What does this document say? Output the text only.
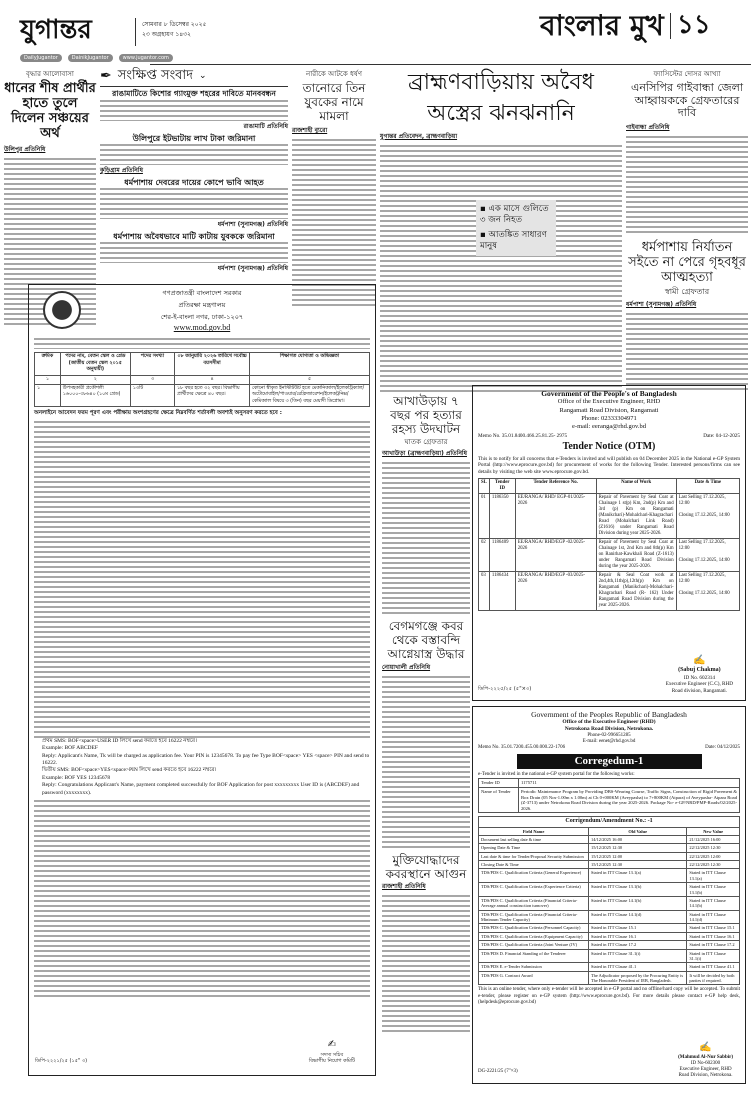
যুগান্তর	সোমবার ৮ ডিসেম্বর ২০২৫
২৩ অগ্রহায়ণ ১৪৩২
DailyJugantor	DainikJugantor	www.jugantor.com
বাংলার মুখ ১১
বৃদ্ধার আলোবাসা
ধানের শীষ প্রার্থীর হাতে তুলে দিলেন সঞ্চয়ের অর্থ
উলিপুর প্রতিনিধি
✒ সংক্ষিপ্ত সংবাদ ⌄
রাঙামাটিতে কিশোর গ্যাংমুক্ত শহরের দাবিতে মানববন্ধন
রাঙামাটি প্রতিনিধি
উলিপুরে ইটভাটায় লাখ টাকা জরিমানা
কুড়িগ্রাম প্রতিনিধি
ধর্মপাশায় দেবরের দায়ের কোপে ভাবি আহত
ধর্মপাশা (সুনামগঞ্জ) প্রতিনিধি
ধর্মপাশায় অবৈধভাবে মাটি কাটায় যুবককে জরিমানা
ধর্মপাশা (সুনামগঞ্জ) প্রতিনিধি
নারীকে আটকে ধর্ষণ
তানোরে তিন যুবকের নামে মামলা
রাজশাহী ব্যুরো
ব্রাহ্মণবাড়িয়ায় অবৈধ
অস্ত্রের ঝনঝনানি
যুগান্তর প্রতিবেদন, ব্রাহ্মণবাড়িয়া
▪ এক মাসে গুলিতে ৩ জন নিহত
▪ আতঙ্কিত সাধারণ মানুষ
ফ্যাসিস্টের দোসর আখ্যা
এনসিপির গাইবান্ধা জেলা আহ্বায়ককে গ্রেফতারের দাবি
গাইবান্ধা প্রতিনিধি
ধর্মপাশায় নির্যাতন সইতে না পেরে গৃহবধূর আত্মহত্যা
স্বামী গ্রেফতার
ধর্মপাশা (সুনামগঞ্জ) প্রতিনিধি
আখাউড়ায় ৭ বছর পর হত্যার রহস্য উদঘাটন
ঘাতক গ্রেফতার
আখাউড়া (ব্রাহ্মণবাড়িয়া) প্রতিনিধি
বেগমগঞ্জে কবর থেকে বস্তাবন্দি আগ্নেয়াস্ত্র উদ্ধার
নোয়াখালী প্রতিনিধি
মুক্তিযোদ্ধাদের কবরস্থানে আগুন
রাজশাহী প্রতিনিধি
গণপ্রজাতন্ত্রী বাংলাদেশ সরকার
প্রতিরক্ষা মন্ত্রণালয়
শের-ই-বাংলা নগর, ঢাকা-১২০৭
www.mod.gov.bd
ক্রমিক	পদের নাম, বেতন স্কেল ও গ্রেড (জাতীয় বেতন স্কেল ২০১৫ অনুযায়ী)	পদের সংখ্যা	০৮ জানুয়ারি ২০২৬ তারিখে সর্বোচ্চ বয়সসীমা	শিক্ষাগত যোগ্যতা ও অভিজ্ঞতা
১	২	৩	৪	৫
১	উপসহকারী প্রকৌশলী ১৬০০০-৩৮৬৪০ (১০ম গ্রেড)	১৩টি	১৮ বছর হতে ৩২ বছর। বিভাগীয় প্রার্থীদের ক্ষেত্রে ৪০ বছর।	কোনো স্বীকৃত ইনস্টিটিউট হতে মেকানিক্যাল/ইলেকট্রিক্যাল/অটোমোবাইল/পাওয়ার/রেফ্রিজারেশন/ইলেকট্রনিক্স/কেমিক্যাল বিষয়ে ৩ (তিন) বছর মেয়াদী ডিপ্লোমা।
অনলাইনে আবেদন ফরম পূরণ এবং পরীক্ষায় অংশগ্রহণের ক্ষেত্রে নিম্নবর্ণিত শর্তাবলী অবশ্যই অনুসরণ করতে হবে :
প্রথম SMS: BOF<space>USER ID লিখে send করতে হবে 16222 নম্বরে।
Example: BOF ABCDEF
Reply: Applicant's Name, Tk will be charged as application fee. Your PIN is 12345678. To pay fee Type BOF<space> YES <space> PIN and send to 16222.
দ্বিতীয় SMS: BOF<space>YES<space>PIN লিখে send করতে হবে 16222 নম্বরে।
Example: BOF YES 12345678
Reply: Congratulations Applicant's Name, payment completed successfully for BOF Application for post xxxxxxxxx User ID is (ABCDEF) and password (xxxxxxxx).
✍
সদস্য সচিব
বিভাগীয় নিয়োগ কমিটি
ডিপি-২২২১/২৫ (১৫" ৩)
Government of the People's of Bangladesh
Office of the Executive Engineer, RHD
Rangamati Road Division, Rangamati
Phone: 02333304971
e-mail: eeranga@rhd.gov.bd
Memo No. 35.01.8400.466.25.81.25- 2975	Date: 04-12-2025
Tender Notice (OTM)
This is to notify for all concerns that e-Tenders is invited and will publish on 04 December 2025 in the National e-GP System Portal (http://www.eprocure.gov.bd) for procurement of works for the following Tender. Interested persons/firms can see details by visiting the web site www.eprocure.gov.bd.
SL	Tender ID	Tender Reference No.	Name of Work	Date & Time
01	1186350	EE/RANGA/ RHD/ EGP-01/2025-2026	Repair of Pavement by Seal Coat at Chainage 1 st(p) Km, 2nd(p) Km and 3rd (p) Km on Rangamati (Manikchari)-Mohalchari-Khagrachari Road (Mohalchari Link Road) (Z1616) under Rangamati Road Division during year 2025-2026.	Last Selling 17.12.2025, 12:00

Closing 17.12.2025, 14:00

02	1186409	EE/RANGA/ RHD/EGP -02/2025-2026	Repair of Pavement by Seal Coat at Chainage 1st, 2nd Km and 8th(p) Km on Ranirhat-Kawkhali Road (Z-1613) under Rangamati Road Division during the year 2025-2026.	Last Selling 17.12.2025, 12:00

Closing 17.12.2025, 14:00

03	1186434	EE/RANGA/ RHD/EGP -03/2025-2026	Repair & Seal Coat work at 2nd,4th,11th(p),12th(p) Km on Rangamati (Manikchari)-Mohalchari-Khagrachari Road (R- 162) Under Rangamati Road Division during the year 2025-2026.	Last Selling 17.12.2025, 12:00

Closing 17.12.2025, 14:00
✍
(Sabuj Chakma)
ID No. 602314
Executive Engineer (C.C), RHD
Road division, Rangamati.
ডিপি-২২২৫/২৫ (৫"×৩)
Government of the Peoples Republic of Bangladesh
Office of the Executive Engineer (RHD)
Netrokona Road Division, Netrokona.
Phone-02-996651285
E-mail: eenet@rhd.gov.bd
Memo No. 35.01.7200.455.00.000.22-1706	Date: 04/12/2025
Corregedum-1
e-Tender is invited in the national e-GP system portal for the following works:
Tender ID	1175711
Name of Tender	Periodic Maintenance Program by Providing DBS-Wearing Course, Traffic Signs, Construction of Rigid Pavement & Box Drain (05 Nos-1.00m x 1.00m) at Ch 0+000KM (Aveypasha) to 7+800KM (Atpara) of Aveypasha- Atpara Road (Z-3713) under Netrokona Road Division during the year 2025-2026. Package No- e-GP/NRD/PMP-Roads/02/2025-2026.
Corrigendum/Amendment No.: -1		
Field Name	Old Value	New Value
Document last selling date & time	14/12/2025 16:00	21/12/2025 16:00
Opening Date & Time	15/12/2025 12:30	22/12/2025 12:30
Last date & time for Tender/Proposal Security Submission	15/12/2025 12:00	22/12/2025 12:00
Closing Date & Time	15/12/2025 12:30	22/12/2025 12:30
TDS/PDS C. Qualification Criteria (General Experience)	Stated in ITT Clause 13.1(a)	Stated in ITT Clause 13.1(a)
TDS/PDS C. Qualification Criteria (Experience Criteria)	Stated in ITT Clause 13.1(b)	Stated in ITT Clause 13.1(b)
TDS/PDS C. Qualification Criteria (Financial Criteria-Average annual construction turnover)	Stated in ITT Clause 14.1(b)	Stated in ITT Clause 14.1(b)
TDS/PDS C. Qualification Criteria (Financial Criteria-Minimum Tender Capacity)	Stated in ITT Clause 14.1(d)	Stated in ITT Clause 14.1(d)
TDS/PDS C. Qualification Criteria (Personnel Capacity)	Stated in ITT Clause 15.1	Stated in ITT Clause 15.1
TDS/PDS C. Qualification Criteria (Equipment Capacity)	Stated in ITT Clause 16.1	Stated in ITT Clause 16.1
TDS/PDS C. Qualification Criteria (Joint Venture (JV)	Stated in ITT Clause 17.2	Stated in ITT Clause 17.2
TDS/PDS D. Financial Standing of the Tenderer	Stated in ITT Clause 31.1(i)	Stated in ITT Clause 31.1(i)
TDS/PDS E. e-Tender Submission	Stated in ITT Clause 41.1	Stated in ITT Clause 41.1
TDS/PDS G. Contract Award	The Adjudicator proposed by the Procuring Entity is The Honorable President of IEB, Bangladesh.	It will be decided by both parties if required.
This is an online tender, where only e-tender will be accepted in e-GP portal and no offline/hard copy will be accepted. To submit e-tender, please register on e-GP system (http://www.eprocure.gov.bd). For more details please contact e-GP help desk, (helpdesk@eprocure.gov.bd)
✍
(Mahmud Al-Nur Sabbir)
ID No-602300
Executive Engineer, RHD
Road Division, Netrokona.
DG-2221/25 (7"×3)
